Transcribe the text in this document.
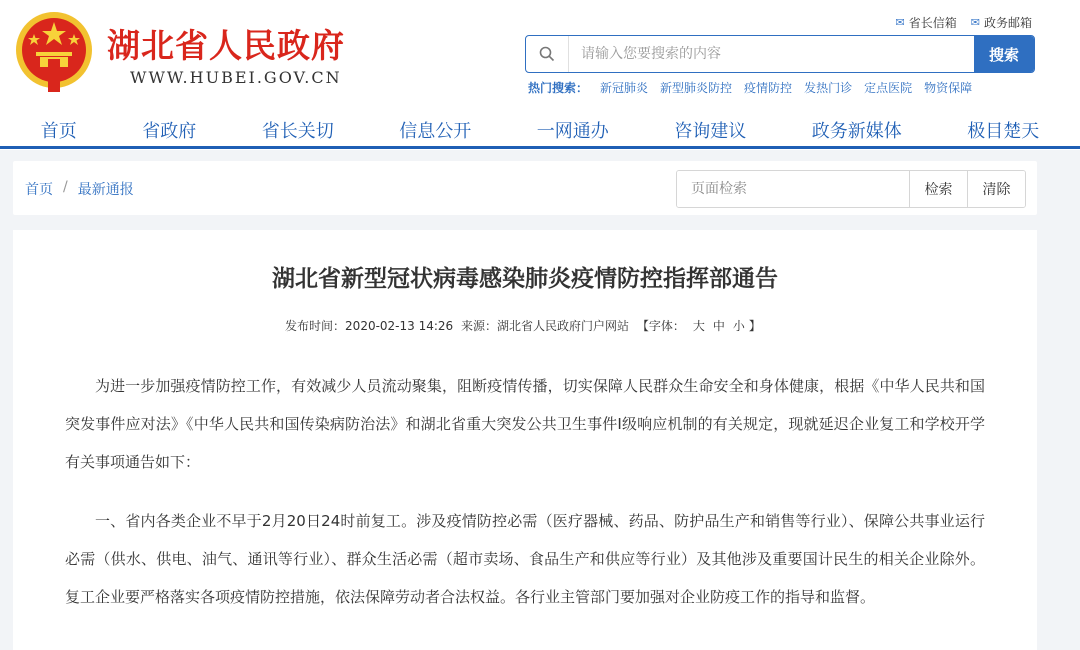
湖北省人民政府
WWW.HUBEI.GOV.CN
✉ 省长信箱 ✉ 政务邮箱
请输入您要搜索的内容
搜索
热门搜索： 新冠肺炎 新型肺炎防控 疫情防控 发热门诊 定点医院 物资保障
首页	省政府	省长关切	信息公开	一网通办	咨询建议	政务新媒体	极目楚天
首页 / 最新通报
页面检索	检索	清除
湖北省新型冠状病毒感染肺炎疫情防控指挥部通告
发布时间：2020-02-13 14:26 来源：湖北省人民政府门户网站 【字体： 大 中 小 】
为进一步加强疫情防控工作，有效减少人员流动聚集，阻断疫情传播，切实保障人民群众生命安全和身体健康，根据《中华人民共和国突发事件应对法》《中华人民共和国传染病防治法》和湖北省重大突发公共卫生事件I级响应机制的有关规定，现就延迟企业复工和学校开学有关事项通告如下：
一、省内各类企业不早于2月20日24时前复工。涉及疫情防控必需（医疗器械、药品、防护品生产和销售等行业）、保障公共事业运行必需（供水、供电、油气、通讯等行业）、群众生活必需（超市卖场、食品生产和供应等行业）及其他涉及重要国计民生的相关企业除外。复工企业要严格落实各项疫情防控措施，依法保障劳动者合法权益。各行业主管部门要加强对企业防疫工作的指导和监督。
